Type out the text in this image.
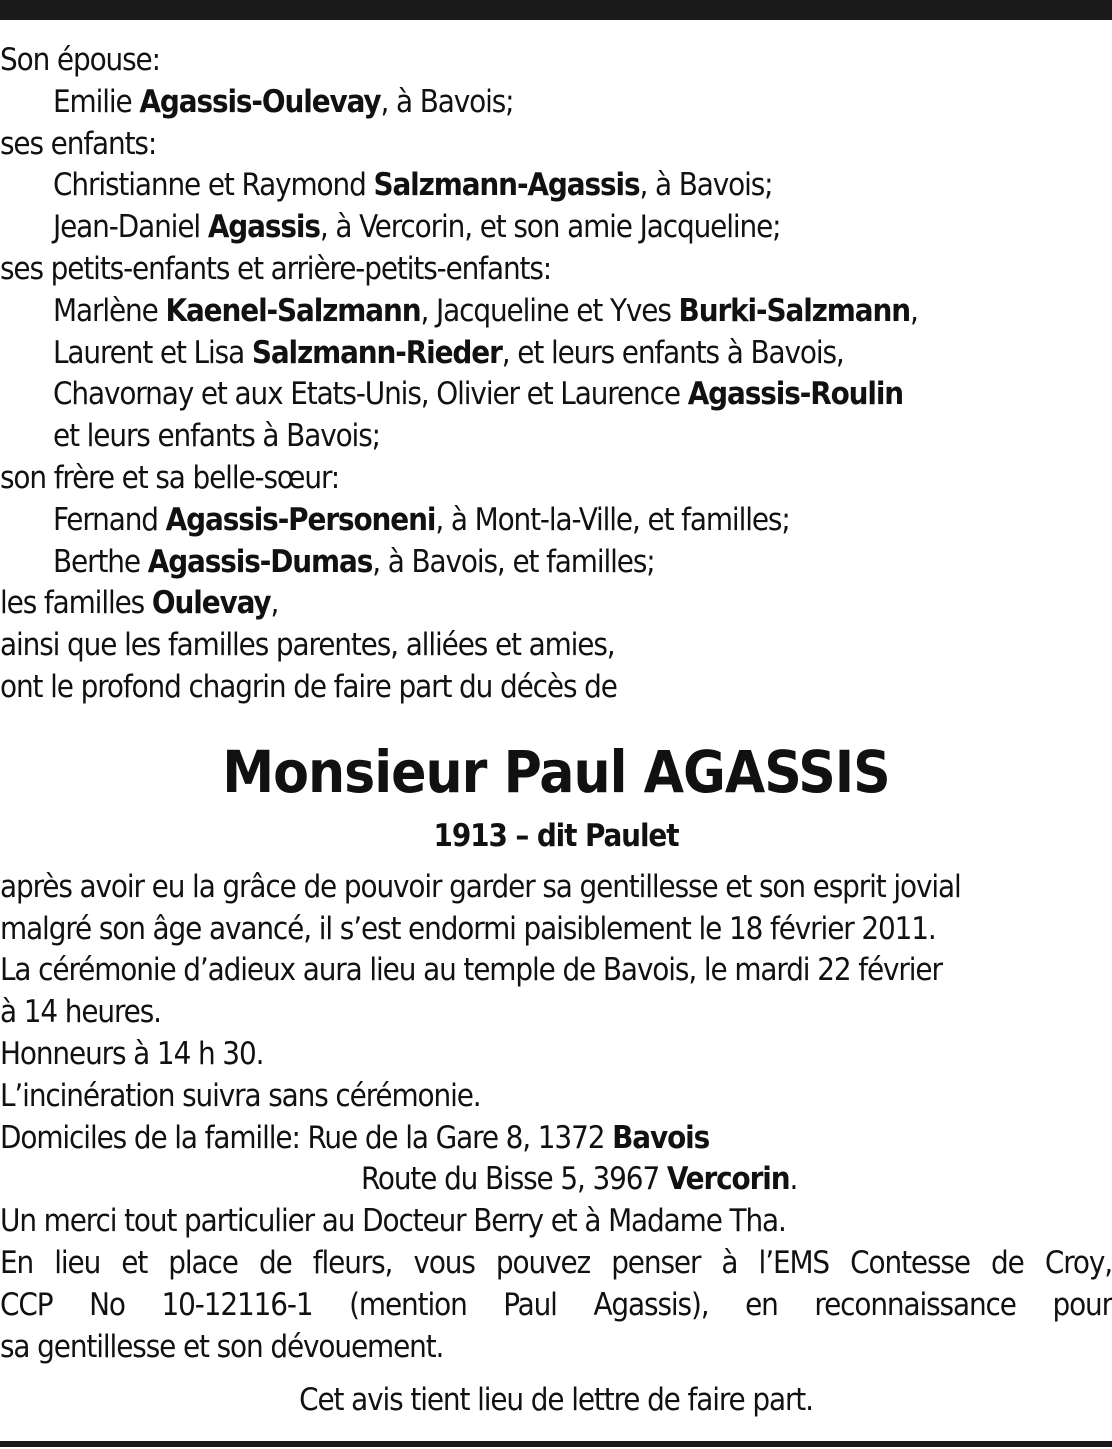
Son épouse:

Emilie Agassis-Oulevay, à Bavois;

ses enfants:

Christianne et Raymond Salzmann-Agassis, à Bavois;

Jean-Daniel Agassis, à Vercorin, et son amie Jacqueline;

ses petits-enfants et arrière-petits-enfants:

Marlène Kaenel-Salzmann, Jacqueline et Yves Burki-Salzmann,

Laurent et Lisa Salzmann-Rieder, et leurs enfants à Bavois,

Chavornay et aux Etats-Unis, Olivier et Laurence Agassis-Roulin

et leurs enfants à Bavois;

son frère et sa belle-sœur:

Fernand Agassis-Personeni, à Mont-la-Ville, et familles;

Berthe Agassis-Dumas, à Bavois, et familles;

les familles Oulevay,

ainsi que les familles parentes, alliées et amies,

ont le profond chagrin de faire part du décès de

Monsieur Paul AGASSIS

1913 – dit Paulet

après avoir eu la grâce de pouvoir garder sa gentillesse et son esprit jovial

malgré son âge avancé, il s’est endormi paisiblement le 18 février 2011.

La cérémonie d’adieux aura lieu au temple de Bavois, le mardi 22 février

à 14 heures.

Honneurs à 14 h 30.

L’incinération suivra sans cérémonie.

Domiciles de la famille: Rue de la Gare 8, 1372 Bavois

Route du Bisse 5, 3967 Vercorin.

Un merci tout particulier au Docteur Berry et à Madame Tha.

En lieu et place de fleurs, vous pouvez penser à l’EMS Contesse de Croy,

CCP No 10-12116-1 (mention Paul Agassis), en reconnaissance pour

sa gentillesse et son dévouement.

Cet avis tient lieu de lettre de faire part.
